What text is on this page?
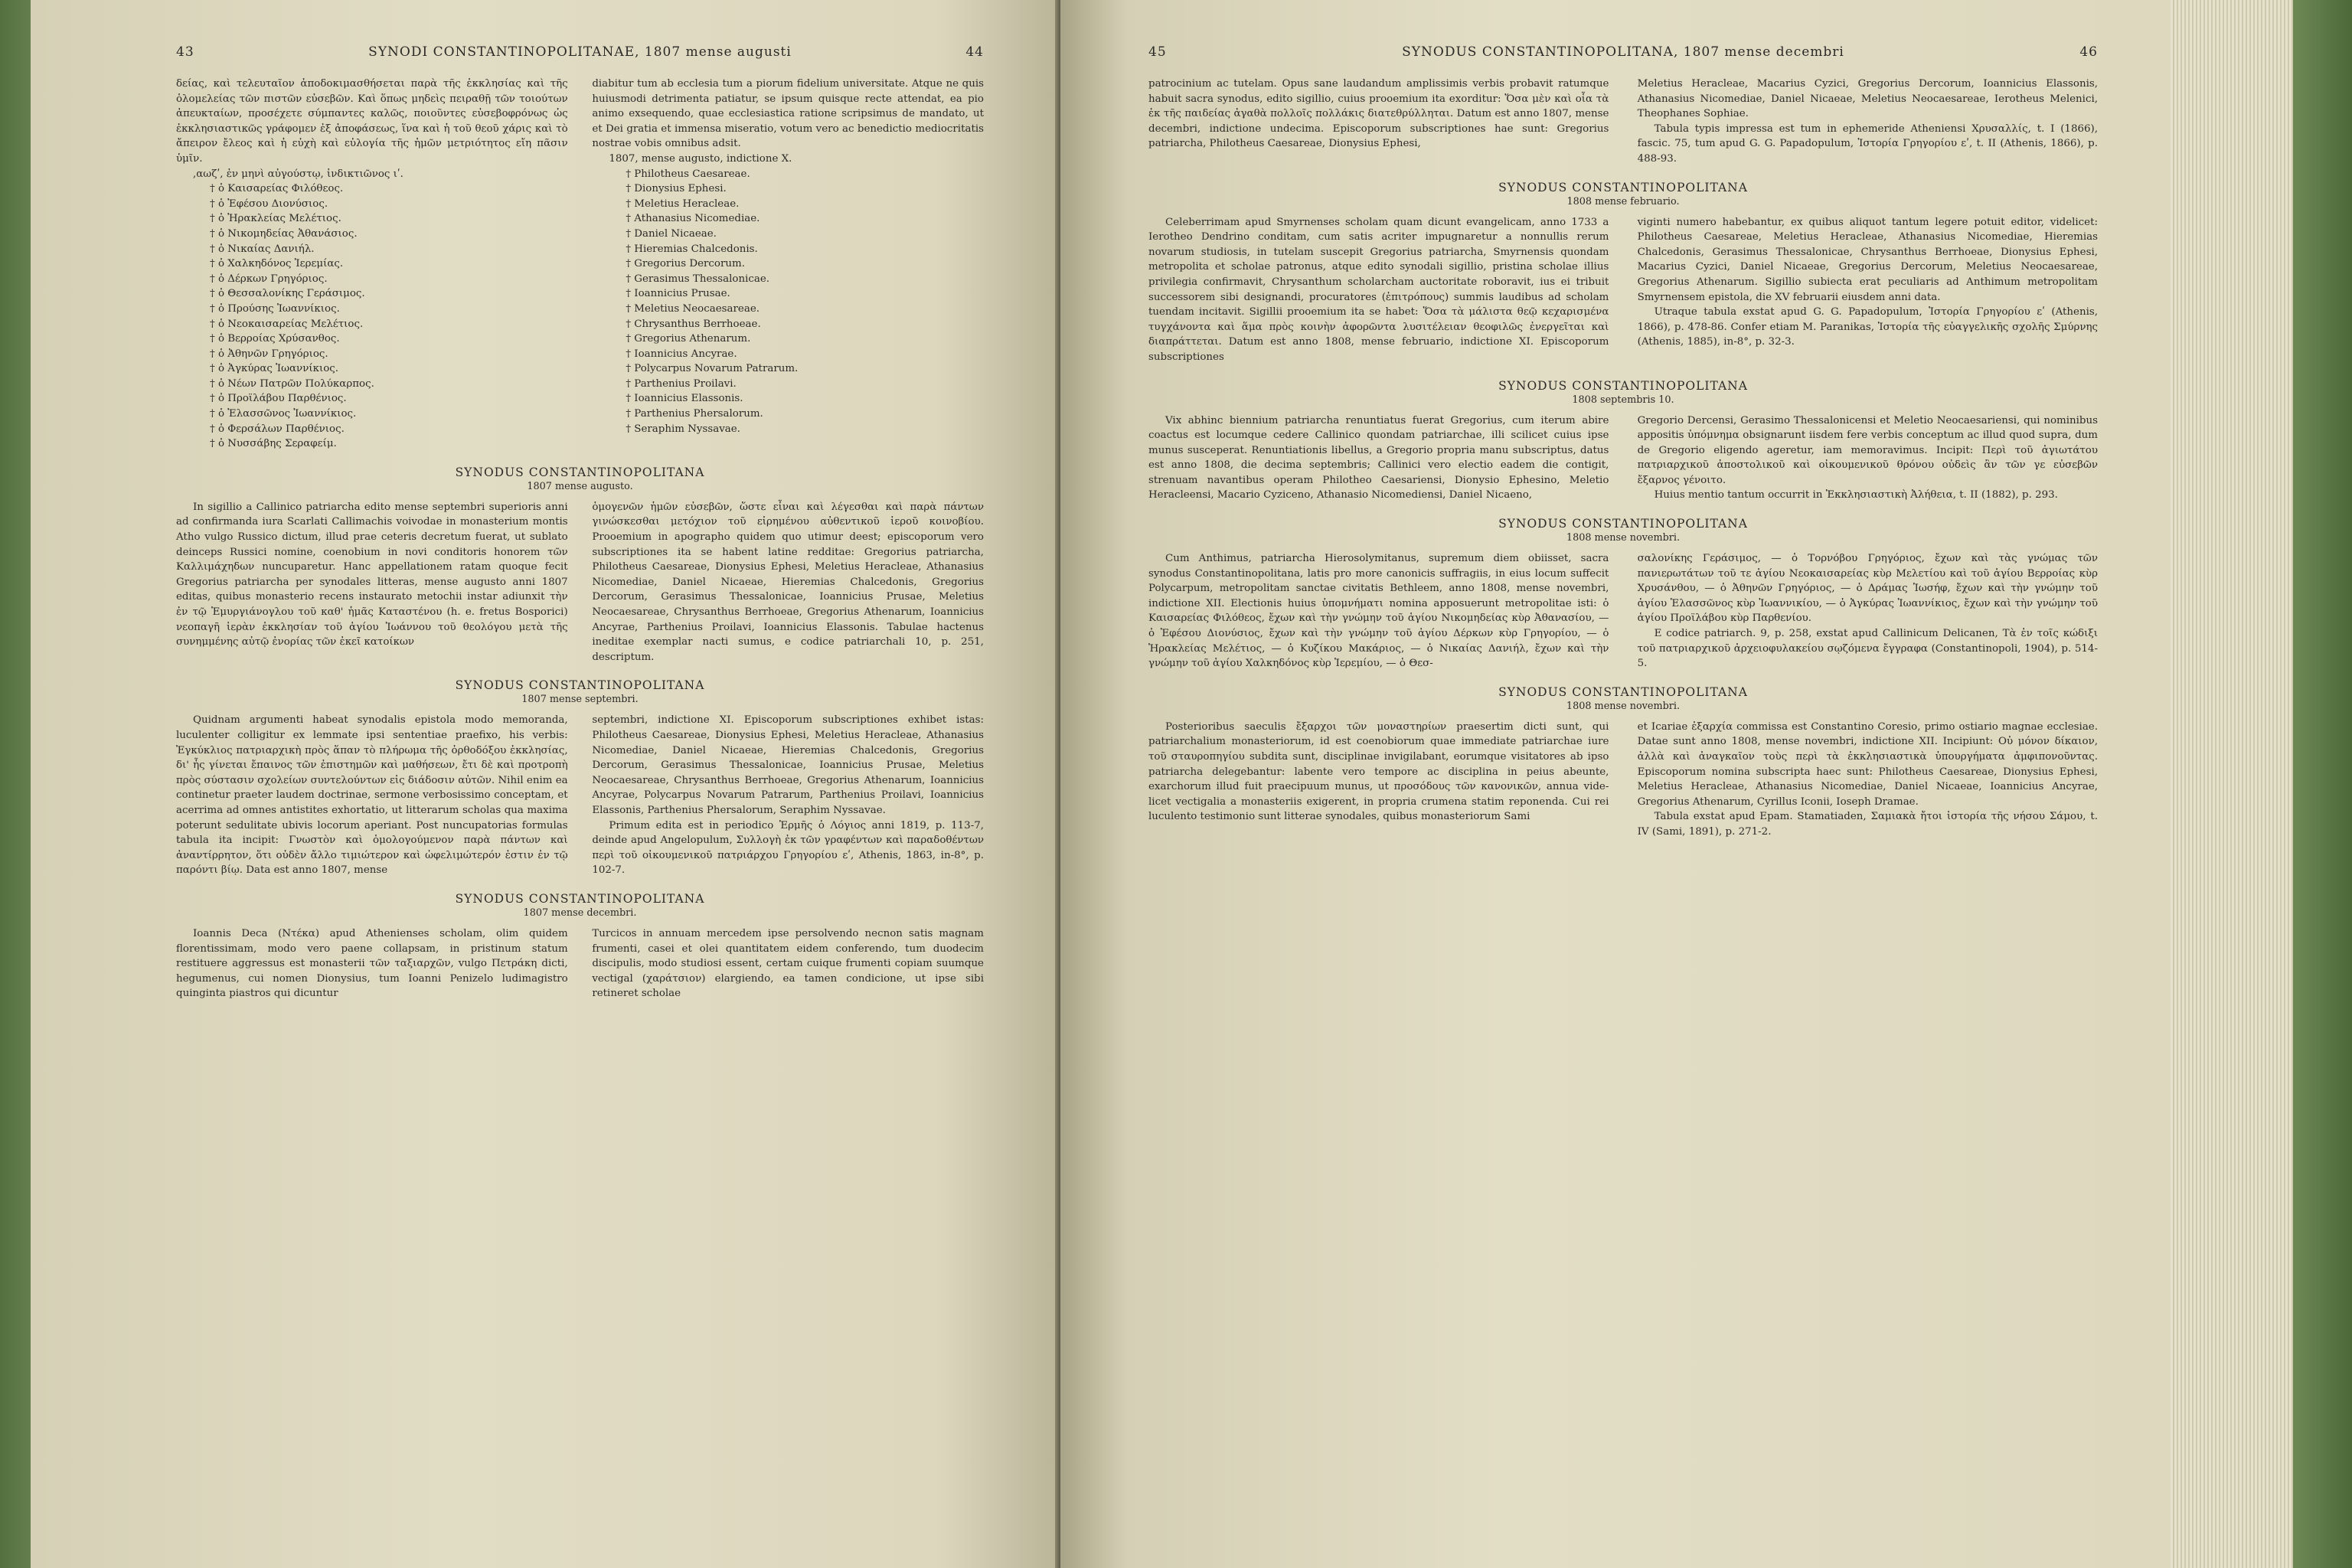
43	SYNODI CONSTANTINOPOLITANAE, 1807 mense augusti	44

δείας, καὶ τελευταῖον ἀποδοκιμασθήσεται παρὰ τῆς ἐκκλησίας καὶ τῆς ὁλομελείας τῶν πιστῶν εὐσεβῶν. Καὶ ὅπως μηδεὶς πειραθῇ τῶν τοιούτων ἀπευκταίων, προσέχετε σύμπαντες καλῶς, ποιοῦντες εὐσεβοφρόνως ὡς ἐκκλησιαστικῶς γράφομεν ἐξ ἀποφάσεως, ἵνα καὶ ἡ τοῦ θεοῦ χάρις καὶ τὸ ἄπειρον ἔλεος καὶ ἡ εὐχὴ καὶ εὐλογία τῆς ἡμῶν μετριότητος εἴη πᾶσιν ὑμῖν.

,αωζʹ, ἐν μηνὶ αὐγούστῳ, ἰνδικτιῶνος ιʹ.

† ὁ Καισαρείας Φιλόθεος.

† ὁ Ἐφέσου Διονύσιος.

† ὁ Ἡρακλείας Μελέτιος.

† ὁ Νικομηδείας Ἀθανάσιος.

† ὁ Νικαίας Δανιήλ.

† ὁ Χαλκηδόνος Ἱερεμίας.

† ὁ Δέρκων Γρηγόριος.

† ὁ Θεσσαλονίκης Γεράσιμος.

† ὁ Προύσης Ἰωαννίκιος.

† ὁ Νεοκαισαρείας Μελέτιος.

† ὁ Βερροίας Χρύσανθος.

† ὁ Ἀθηνῶν Γρηγόριος.

† ὁ Ἀγκύρας Ἰωαννίκιος.

† ὁ Νέων Πατρῶν Πολύκαρπος.

† ὁ Προϊλάβου Παρθένιος.

† ὁ Ἐλασσῶνος Ἰωαννίκιος.

† ὁ Φερσάλων Παρθένιος.

† ὁ Νυσσάβης Σεραφείμ.

diabitur tum ab ecclesia tum a piorum fidelium universitate. Atque ne quis huiusmodi detrimenta patiatur, se ipsum quisque recte attendat, ea pio animo exsequendo, quae ecclesiastica ratione scripsimus de mandato, ut et Dei gratia et immensa miseratio, votum vero ac benedictio mediocritatis nostrae vobis omnibus adsit.

1807, mense augusto, indictione X.

† Philotheus Caesareae.

† Dionysius Ephesi.

† Meletius Heracleae.

† Athanasius Nicomediae.

† Daniel Nicaeae.

† Hieremias Chalcedonis.

† Gregorius Dercorum.

† Gerasimus Thessalonicae.

† Ioannicius Prusae.

† Meletius Neocaesareae.

† Chrysanthus Berrhoeae.

† Gregorius Athenarum.

† Ioannicius Ancyrae.

† Polycarpus Novarum Patrarum.

† Parthenius Proilavi.

† Ioannicius Elassonis.

† Parthenius Phersalorum.

† Seraphim Nyssavae.

SYNODUS CONSTANTINOPOLITANA
1807 mense augusto.

In sigillio a Callinico patriarcha edito mense septembri superioris anni ad confirmanda iura Scarlati Callimachis voivodae in monasterium montis Atho vulgo Russico dictum, illud prae ceteris decretum fuerat, ut sublato deinceps Russici nomine, coenobium in novi conditoris honorem τῶν Καλλιμάχηδων nuncuparetur. Hanc appellationem ratam quoque fecit Gregorius patriarcha per synodales litteras, mense augusto anni 1807 editas, quibus monasterio recens instaurato metochii instar adiunxit τὴν ἐν τῷ Ἐμυργιάνογλου τοῦ καθ' ἡμᾶς Καταστένου (h. e. fretus Bosporici) νεοπαγῆ ἱερὰν ἐκκλησίαν τοῦ ἁγίου Ἰωάννου τοῦ θεολόγου μετὰ τῆς συνημμένης αὐτῷ ἐνορίας τῶν ἐκεῖ κατοίκων

ὁμογενῶν ἡμῶν εὐσεβῶν, ὥστε εἶναι καὶ λέγεσθαι καὶ παρὰ πάντων γινώσκεσθαι μετόχιον τοῦ εἰρημένου αὐθεντικοῦ ἱεροῦ κοινοβίου. Prooemium in apographo quidem quo utimur deest; episcoporum vero subscriptiones ita se habent latine redditae: Gregorius patriarcha, Philotheus Caesareae, Dionysius Ephesi, Meletius Heracleae, Athanasius Nicomediae, Daniel Nicaeae, Hieremias Chalcedonis, Gregorius Dercorum, Gerasimus Thessalonicae, Ioannicius Prusae, Meletius Neocaesareae, Chrysanthus Berrhoeae, Gregorius Athenarum, Ioannicius Ancyrae, Parthenius Proilavi, Ioannicius Elassonis. Tabulae hactenus ineditae exemplar nacti sumus, e codice patriarchali 10, p. 251, descriptum.

SYNODUS CONSTANTINOPOLITANA
1807 mense septembri.

Quidnam argumenti habeat synodalis epistola modo memoranda, luculenter colligitur ex lemmate ipsi sententiae praefixo, his verbis: Ἐγκύκλιος πατριαρχικὴ πρὸς ἅπαν τὸ πλήρωμα τῆς ὀρθοδόξου ἐκκλησίας, δι' ἧς γίνεται ἔπαινος τῶν ἐπιστημῶν καὶ μαθήσεων, ἔτι δὲ καὶ προτροπὴ πρὸς σύστασιν σχολείων συντελούντων εἰς διάδοσιν αὐτῶν. Nihil enim ea continetur praeter laudem doctrinae, sermone verbosissimo conceptam, et acerrima ad omnes antistites exhortatio, ut litterarum scholas qua maxima poterunt sedulitate ubivis locorum aperiant. Post nuncupatorias formulas tabula ita incipit: Γνωστὸν καὶ ὁμολογούμενον παρὰ πάντων καὶ ἀναντίρρητον, ὅτι οὐδὲν ἄλλο τιμιώτερον καὶ ὠφελιμώτερόν ἐστιν ἐν τῷ παρόντι βίῳ. Data est anno 1807, mense

septembri, indictione XI. Episcoporum subscriptiones exhibet istas: Philotheus Caesareae, Dionysius Ephesi, Meletius Heracleae, Athanasius Nicomediae, Daniel Nicaeae, Hieremias Chalcedonis, Gregorius Dercorum, Gerasimus Thessalonicae, Ioannicius Prusae, Meletius Neocaesareae, Chrysanthus Berrhoeae, Gregorius Athenarum, Ioannicius Ancyrae, Polycarpus Novarum Patrarum, Parthenius Proilavi, Ioannicius Elassonis, Parthenius Phersalorum, Seraphim Nyssavae.

Primum edita est in periodico Ἑρμῆς ὁ Λόγιος anni 1819, p. 113-7, deinde apud Angelopulum, Συλλογὴ ἐκ τῶν γραφέντων καὶ παραδοθέντων περὶ τοῦ οἰκουμενικοῦ πατριάρχου Γρηγορίου εʹ, Athenis, 1863, in-8°, p. 102-7.

SYNODUS CONSTANTINOPOLITANA
1807 mense decembri.

Ioannis Deca (Ντέκα) apud Athenienses scholam, olim quidem florentissimam, modo vero paene collapsam, in pristinum statum restituere aggressus est monasterii τῶν ταξιαρχῶν, vulgo Πετράκη dicti, hegumenus, cui nomen Dionysius, tum Ioanni Penizelo ludimagistro quinginta piastros qui dicuntur

Turcicos in annuam mercedem ipse persolvendo necnon satis magnam frumenti, casei et olei quantitatem eidem conferendo, tum duodecim discipulis, modo studiosi essent, certam cuique frumenti copiam suumque vectigal (χαράτσιον) elargiendo, ea tamen condicione, ut ipse sibi retineret scholae

45	SYNODUS CONSTANTINOPOLITANA, 1807 mense decembri	46

patrocinium ac tutelam. Opus sane laudandum amplissimis verbis probavit ratumque habuit sacra synodus, edito sigillio, cuius prooemium ita exorditur: Ὅσα μὲν καὶ οἷα τὰ ἐκ τῆς παιδείας ἀγαθὰ πολλοῖς πολλάκις διατεθρύλληται. Datum est anno 1807, mense decembri, indictione undecima. Episcoporum subscriptiones hae sunt: Gregorius patriarcha, Philotheus Caesareae, Dionysius Ephesi,

Meletius Heracleae, Macarius Cyzici, Gregorius Dercorum, Ioannicius Elassonis, Athanasius Nicomediae, Daniel Nicaeae, Meletius Neocaesareae, Ierotheus Melenici, Theophanes Sophiae.

Tabula typis impressa est tum in ephemeride Atheniensi Χρυσαλλίς, t. I (1866), fascic. 75, tum apud G. G. Papadopulum, Ἱστορία Γρηγορίου εʹ, t. II (Athenis, 1866), p. 488-93.

SYNODUS CONSTANTINOPOLITANA
1808 mense februario.

Celeberrimam apud Smyrnenses scholam quam dicunt evangelicam, anno 1733 a Ierotheo Dendrino conditam, cum satis acriter impugnaretur a nonnullis rerum novarum studiosis, in tutelam suscepit Gregorius patriarcha, Smyrnensis quondam metropolita et scholae patronus, atque edito synodali sigillio, pristina scholae illius privilegia confirmavit, Chrysanthum scholarcham auctoritate roboravit, ius ei tribuit successorem sibi designandi, procuratores (ἐπιτρόπους) summis laudibus ad scholam tuendam incitavit. Sigillii prooemium ita se habet: Ὅσα τὰ μάλιστα θεῷ κεχαρισμένα τυγχάνοντα καὶ ἅμα πρὸς κοινὴν ἀφορῶντα λυσιτέλειαν θεοφιλῶς ἐνεργεῖται καὶ διαπράττεται. Datum est anno 1808, mense februario, indictione XI. Episcoporum subscriptiones

viginti numero habebantur, ex quibus aliquot tantum legere potuit editor, videlicet: Philotheus Caesareae, Meletius Heracleae, Athanasius Nicomediae, Hieremias Chalcedonis, Gerasimus Thessalonicae, Chrysanthus Berrhoeae, Dionysius Ephesi, Macarius Cyzici, Daniel Nicaeae, Gregorius Dercorum, Meletius Neocaesareae, Gregorius Athenarum. Sigillio subiecta erat peculiaris ad Anthimum metropolitam Smyrnensem epistola, die XV februarii eiusdem anni data.

Utraque tabula exstat apud G. G. Papadopulum, Ἱστορία Γρηγορίου εʹ (Athenis, 1866), p. 478-86. Confer etiam M. Paranikas, Ἱστορία τῆς εὐαγγελικῆς σχολῆς Σμύρνης (Athenis, 1885), in-8°, p. 32-3.

SYNODUS CONSTANTINOPOLITANA
1808 septembris 10.

Vix abhinc biennium patriarcha renuntiatus fuerat Gregorius, cum iterum abire coactus est locumque cedere Callinico quondam patriarchae, illi scilicet cuius ipse munus susceperat. Renuntiationis libellus, a Gregorio propria manu subscriptus, datus est anno 1808, die decima septembris; Callinici vero electio eadem die contigit, strenuam navantibus operam Philotheo Caesariensi, Dionysio Ephesino, Meletio Heracleensi, Macario Cyziceno, Athanasio Nicomediensi, Daniel Nicaeno,

Gregorio Dercensi, Gerasimo Thessalonicensi et Meletio Neocaesariensi, qui nominibus appositis ὑπόμνημα obsignarunt iisdem fere verbis conceptum ac illud quod supra, dum de Gregorio eligendo ageretur, iam memoravimus. Incipit: Περὶ τοῦ ἁγιωτάτου πατριαρχικοῦ ἀποστολικοῦ καὶ οἰκουμενικοῦ θρόνου οὐδεὶς ἂν τῶν γε εὐσεβῶν ἔξαρνος γένοιτο.

Huius mentio tantum occurrit in Ἐκκλησιαστικὴ Ἀλήθεια, t. II (1882), p. 293.

SYNODUS CONSTANTINOPOLITANA
1808 mense novembri.

Cum Anthimus, patriarcha Hierosolymitanus, supremum diem obiisset, sacra synodus Constantinopolitana, latis pro more canonicis suffragiis, in eius locum suffecit Polycarpum, metropolitam sanctae civitatis Bethleem, anno 1808, mense novembri, indictione XII. Electionis huius ὑπομνήματι nomina apposuerunt metropolitae isti: ὁ Καισαρείας Φιλόθεος, ἔχων καὶ τὴν γνώμην τοῦ ἁγίου Νικομηδείας κὺρ Ἀθανασίου, — ὁ Ἐφέσου Διονύσιος, ἔχων καὶ τὴν γνώμην τοῦ ἁγίου Δέρκων κὺρ Γρηγορίου, — ὁ Ἡρακλείας Μελέτιος, — ὁ Κυζίκου Μακάριος, — ὁ Νικαίας Δανιήλ, ἔχων καὶ τὴν γνώμην τοῦ ἁγίου Χαλκηδόνος κὺρ Ἱερεμίου, — ὁ Θεσ-

σαλονίκης Γεράσιμος, — ὁ Τορνόβου Γρηγόριος, ἔχων καὶ τὰς γνώμας τῶν πανιερωτάτων τοῦ τε ἁγίου Νεοκαισαρείας κὺρ Μελετίου καὶ τοῦ ἁγίου Βερροίας κὺρ Χρυσάνθου, — ὁ Ἀθηνῶν Γρηγόριος, — ὁ Δράμας Ἰωσήφ, ἔχων καὶ τὴν γνώμην τοῦ ἁγίου Ἐλασσῶνος κὺρ Ἰωαννικίου, — ὁ Ἀγκύρας Ἰωαννίκιος, ἔχων καὶ τὴν γνώμην τοῦ ἁγίου Προϊλάβου κὺρ Παρθενίου.

E codice patriarch. 9, p. 258, exstat apud Callinicum Delicanen, Τὰ ἐν τοῖς κώδιξι τοῦ πατριαρχικοῦ ἀρχειοφυλακείου σῳζόμενα ἔγγραφα (Constantinopoli, 1904), p. 514-5.

SYNODUS CONSTANTINOPOLITANA
1808 mense novembri.

Posterioribus saeculis ἔξαρχοι τῶν μοναστηρίων praesertim dicti sunt, qui patriarchalium monasteriorum, id est coenobiorum quae immediate patriarchae iure τοῦ σταυροπηγίου subdita sunt, disciplinae invigilabant, eorumque visitatores ab ipso patriarcha delegebantur: labente vero tempore ac disciplina in peius abeunte, exarchorum illud fuit praecipuum munus, ut προσόδους τῶν κανονικῶν, annua vide-licet vectigalia a monasteriis exigerent, in propria crumena statim reponenda. Cui rei luculento testimonio sunt litterae synodales, quibus monasteriorum Sami

et Icariae ἐξαρχία commissa est Constantino Coresio, primo ostiario magnae ecclesiae. Datae sunt anno 1808, mense novembri, indictione XII. Incipiunt: Οὐ μόνον δίκαιον, ἀλλὰ καὶ ἀναγκαῖον τοὺς περὶ τὰ ἐκκλησιαστικὰ ὑπουργήματα ἀμφιπονοῦντας. Episcoporum nomina subscripta haec sunt: Philotheus Caesareae, Dionysius Ephesi, Meletius Heracleae, Athanasius Nicomediae, Daniel Nicaeae, Ioannicius Ancyrae, Gregorius Athenarum, Cyrillus Iconii, Ioseph Dramae.

Tabula exstat apud Epam. Stamatiaden, Σαμιακὰ ἤτοι ἱστορία τῆς νήσου Σάμου, t. IV (Sami, 1891), p. 271-2.
